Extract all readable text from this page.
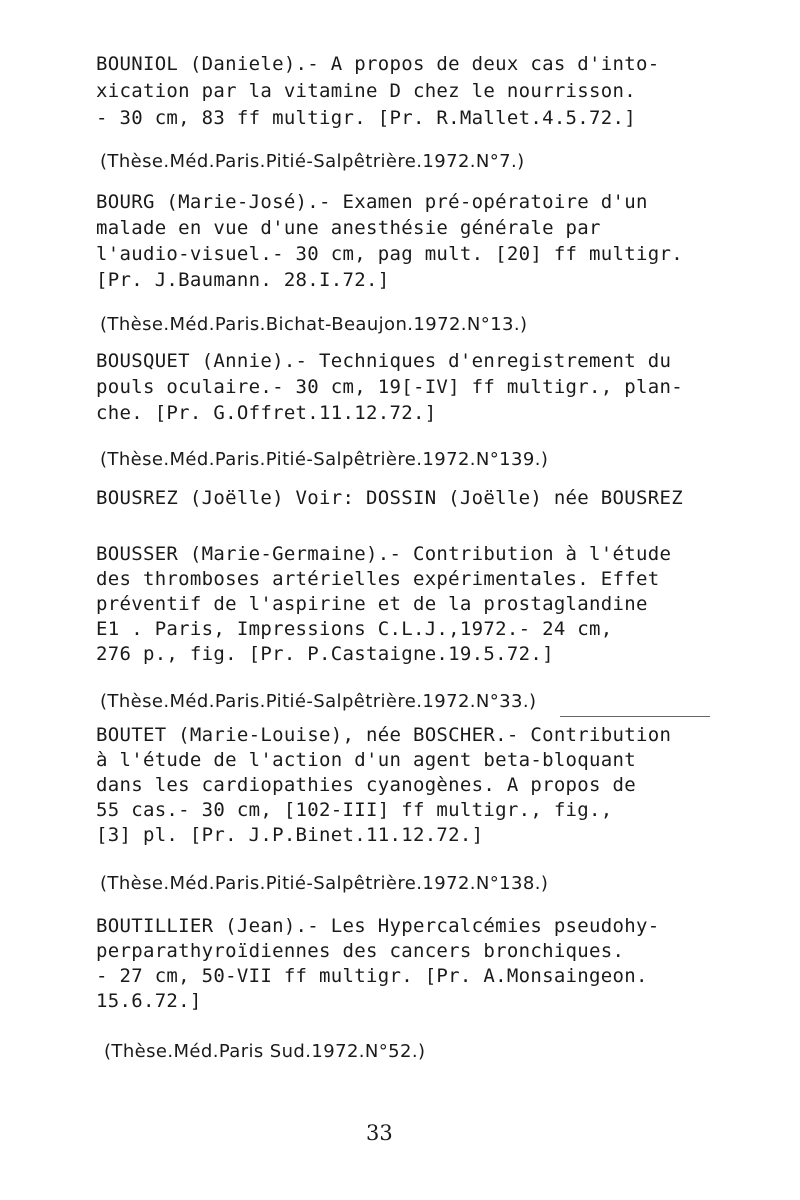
BOUNIOL (Daniele).- A propos de deux cas d'into-
xication par la vitamine D chez le nourrisson.
- 30 cm, 83 ff multigr. [Pr. R.Mallet.4.5.72.]
(Thèse.Méd.Paris.Pitié-Salpêtrière.1972.N°7.)
BOURG (Marie-José).- Examen pré-opératoire d'un
malade en vue d'une anesthésie générale par
l'audio-visuel.- 30 cm, pag mult. [20] ff multigr.
[Pr. J.Baumann. 28.I.72.]
(Thèse.Méd.Paris.Bichat-Beaujon.1972.N°13.)
BOUSQUET (Annie).- Techniques d'enregistrement du
pouls oculaire.- 30 cm, 19[-IV] ff multigr., plan-
che. [Pr. G.Offret.11.12.72.]
(Thèse.Méd.Paris.Pitié-Salpêtrière.1972.N°139.)
BOUSREZ (Joëlle) Voir: DOSSIN (Joëlle) née BOUSREZ
BOUSSER (Marie-Germaine).- Contribution à l'étude
des thromboses artérielles expérimentales. Effet
préventif de l'aspirine et de la prostaglandine
E1 . Paris, Impressions C.L.J.,1972.- 24 cm,
276 p., fig. [Pr. P.Castaigne.19.5.72.]
(Thèse.Méd.Paris.Pitié-Salpêtrière.1972.N°33.)
BOUTET (Marie-Louise), née BOSCHER.- Contribution
à l'étude de l'action d'un agent beta-bloquant
dans les cardiopathies cyanogènes. A propos de
55 cas.- 30 cm, [102-III] ff multigr., fig.,
[3] pl. [Pr. J.P.Binet.11.12.72.]
(Thèse.Méd.Paris.Pitié-Salpêtrière.1972.N°138.)
BOUTILLIER (Jean).- Les Hypercalcémies pseudohy-
perparathyroïdiennes des cancers bronchiques.
- 27 cm, 50-VII ff multigr. [Pr. A.Monsaingeon.
15.6.72.]
(Thèse.Méd.Paris Sud.1972.N°52.)
33
